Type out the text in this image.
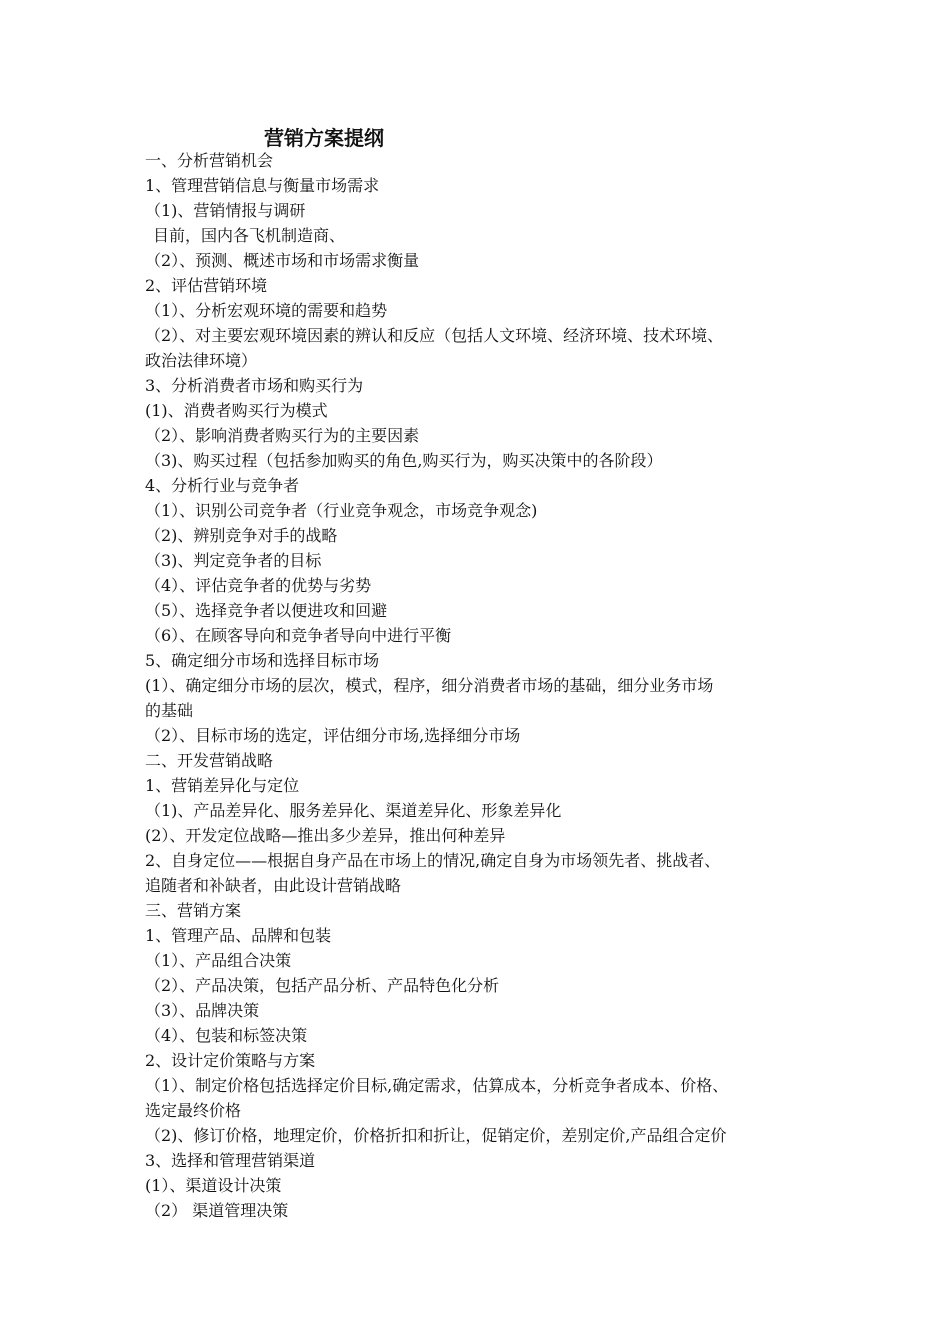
营销方案提纲
一、分析营销机会
1、管理营销信息与衡量市场需求
（1)、营销情报与调研
目前，国内各飞机制造商、
（2）、预测、概述市场和市场需求衡量
2、评估营销环境
（1）、分析宏观环境的需要和趋势
（2）、对主要宏观环境因素的辨认和反应（包括人文环境、经济环境、技术环境、
政治法律环境）
3、分析消费者市场和购买行为
(1)、消费者购买行为模式
（2）、影响消费者购买行为的主要因素
（3)、购买过程（包括参加购买的角色,购买行为，购买决策中的各阶段）
4、分析行业与竞争者
（1）、识别公司竞争者（行业竞争观念，市场竞争观念)
（2)、辨别竞争对手的战略
（3)、判定竞争者的目标
（4）、评估竞争者的优势与劣势
（5）、选择竞争者以便进攻和回避
（6）、在顾客导向和竞争者导向中进行平衡
5、确定细分市场和选择目标市场
(1）、确定细分市场的层次，模式，程序，细分消费者市场的基础，细分业务市场
的基础
（2）、目标市场的选定，评估细分市场,选择细分市场
二、开发营销战略
1、营销差异化与定位
（1)、产品差异化、服务差异化、渠道差异化、形象差异化
(2）、开发定位战略—推出多少差异，推出何种差异
2、自身定位——根据自身产品在市场上的情况,确定自身为市场领先者、挑战者、
追随者和补缺者，由此设计营销战略
三、营销方案
1、管理产品、品牌和包装
（1）、产品组合决策
（2）、产品决策，包括产品分析、产品特色化分析
（3）、品牌决策
（4）、包装和标签决策
2、设计定价策略与方案
（1）、制定价格包括选择定价目标,确定需求，估算成本，分析竞争者成本、价格、
选定最终价格
（2)、修订价格，地理定价，价格折扣和折让，促销定价，差别定价,产品组合定价
3、选择和管理营销渠道
(1）、渠道设计决策
（2） 渠道管理决策
